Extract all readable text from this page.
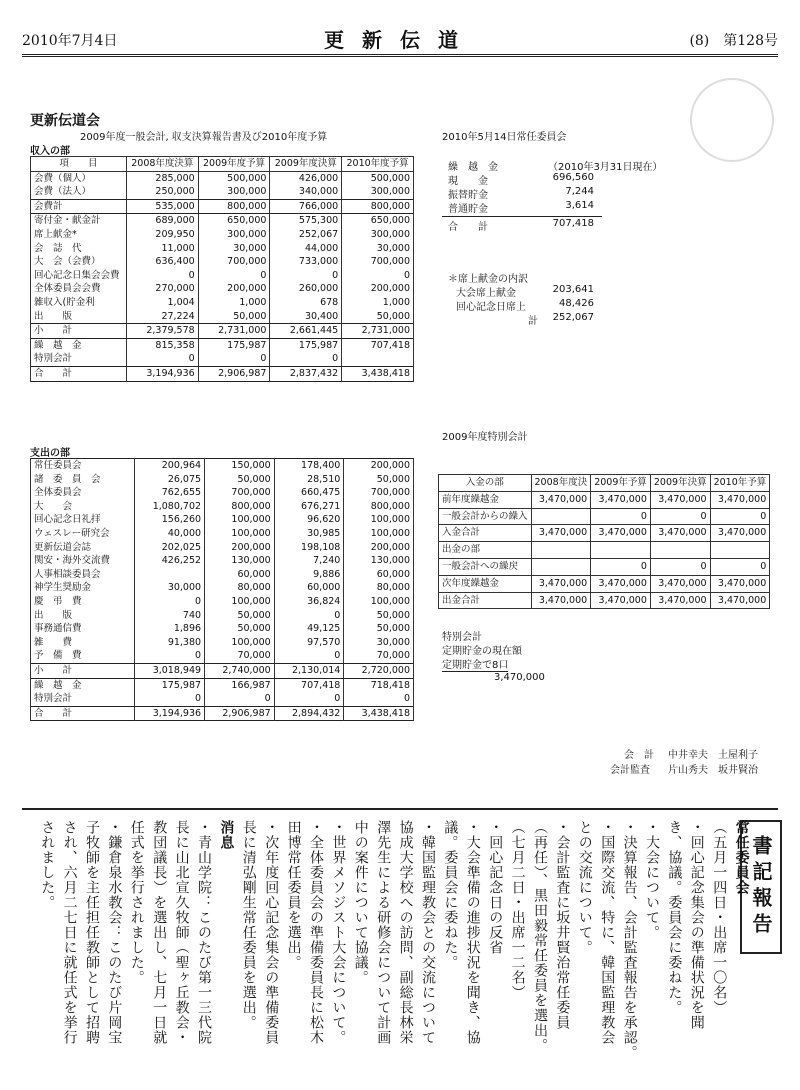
2010年7月4日	更新伝道	(8)　第128号
更新伝道会
2009年度一般会計, 収支決算報告書及び2010年度予算
収入の部
項　　目	2008年度決算	2009年度予算	2009年度決算	2010年度予算
会費（個人）	285,000	500,000	426,000	500,000
会費（法人）	250,000	300,000	340,000	300,000
会費計	535,000	800,000	766,000	800,000
寄付金・献金計	689,000	650,000	575,300	650,000
席上献金*	209,950	300,000	252,067	300,000
会　誌　代	11,000	30,000	44,000	30,000
大　会（会費）	636,400	700,000	733,000	700,000
回心記念日集会会費	0	0	0	0
全体委員会会費	270,000	200,000	260,000	200,000
雑収入(貯金利	1,004	1,000	678	1,000
出　　版	27,224	50,000	30,400	50,000
小　　計	2,379,578	2,731,000	2,661,445	2,731,000
繰　越　金	815,358	175,987	175,987	707,418
特別会計	0	0	0	
合　　計	3,194,936	2,906,987	2,837,432	3,438,418
支出の部
常任委員会	200,964	150,000	178,400	200,000
諸　委　員　会	26,075	50,000	28,510	50,000
全体委員会	762,655	700,000	660,475	700,000
大　　会	1,080,702	800,000	676,271	800,000
回心記念日礼拝	156,260	100,000	96,620	100,000
ウェスレー研究会	40,000	100,000	30,985	100,000
更新伝道会誌	202,025	200,000	198,108	200,000
関安・海外交流費	426,252	130,000	7,240	130,000
人事相談委員会		60,000	9,886	60,000
神学生奨励金	30,000	80,000	60,000	80,000
慶　弔　費	0	100,000	36,824	100,000
出　　版	740	50,000	0	50,000
事務通信費	1,896	50,000	49,125	50,000
雑　　費	91,380	100,000	97,570	30,000
予　備　費	0	70,000	0	70,000
小　　計	3,018,949	2,740,000	2,130,014	2,720,000
繰　越　金	175,987	166,987	707,418	718,418
特別会計	0	0	0	0
合　　計	3,194,936	2,906,987	2,894,432	3,438,418
2010年5月14日常任委員会
繰　越　金	（2010年3月31日現在）
現　　金	696,560
振替貯金	7,244
普通貯金	3,614
合　　計	707,418
＊席上献金の内訳
大会席上献金	203,641
回心記念日席上	48,426
計	252,067
2009年度特別会計
入金の部	2008年度決	2009年予算	2009年決算	2010年予算
前年度繰越金	3,470,000	3,470,000	3,470,000	3,470,000
一般会計からの繰入		0	0	0
入金合計	3,470,000	3,470,000	3,470,000	3,470,000
出金の部				
一般会計への繰戻		0	0	0
次年度繰越金	3,470,000	3,470,000	3,470,000	3,470,000
出金合計	3,470,000	3,470,000	3,470,000	3,470,000
特別会計
定期貯金の現在額
定期貯金で8口
3,470,000
会　計 中井幸夫　土屋利子
会計監査 片山秀夫　坂井賢治
書記報告
常任委員会
（五月一四日・出席一〇名）
・回心記念集会の準備状況を聞
き、協議。委員会に委ねた。
・大会について。
・決算報告、会計監査報告を承認。
・国際交流、特に、韓国監理教会
との交流について。
・会計監査に坂井賢治常任委員
（再任）、黒田毅常任委員を選出。
（七月二日・出席一二名）
・回心記念日の反省
・大会準備の進捗状況を聞き、協
議。委員会に委ねた。
・韓国監理教会との交流について
協成大学校への訪問、副総長林栄
澤先生による研修会について計画
中の案件について協議。
・世界メソジスト大会について。
・全体委員会の準備委員長に松木
田博常任委員を選出。
・次年度回心記念集会の準備委員
長に清弘剛生常任委員を選出。
消息
・青山学院：このたび第一三代院
長に山北宣久牧師（聖ヶ丘教会・
教団議長）を選出し、七月一日就
任式を挙行されました。
・鎌倉泉水教会：このたび片岡宝
子牧師を主任担任教師として招聘
され、六月二七日に就任式を挙行
されました。
